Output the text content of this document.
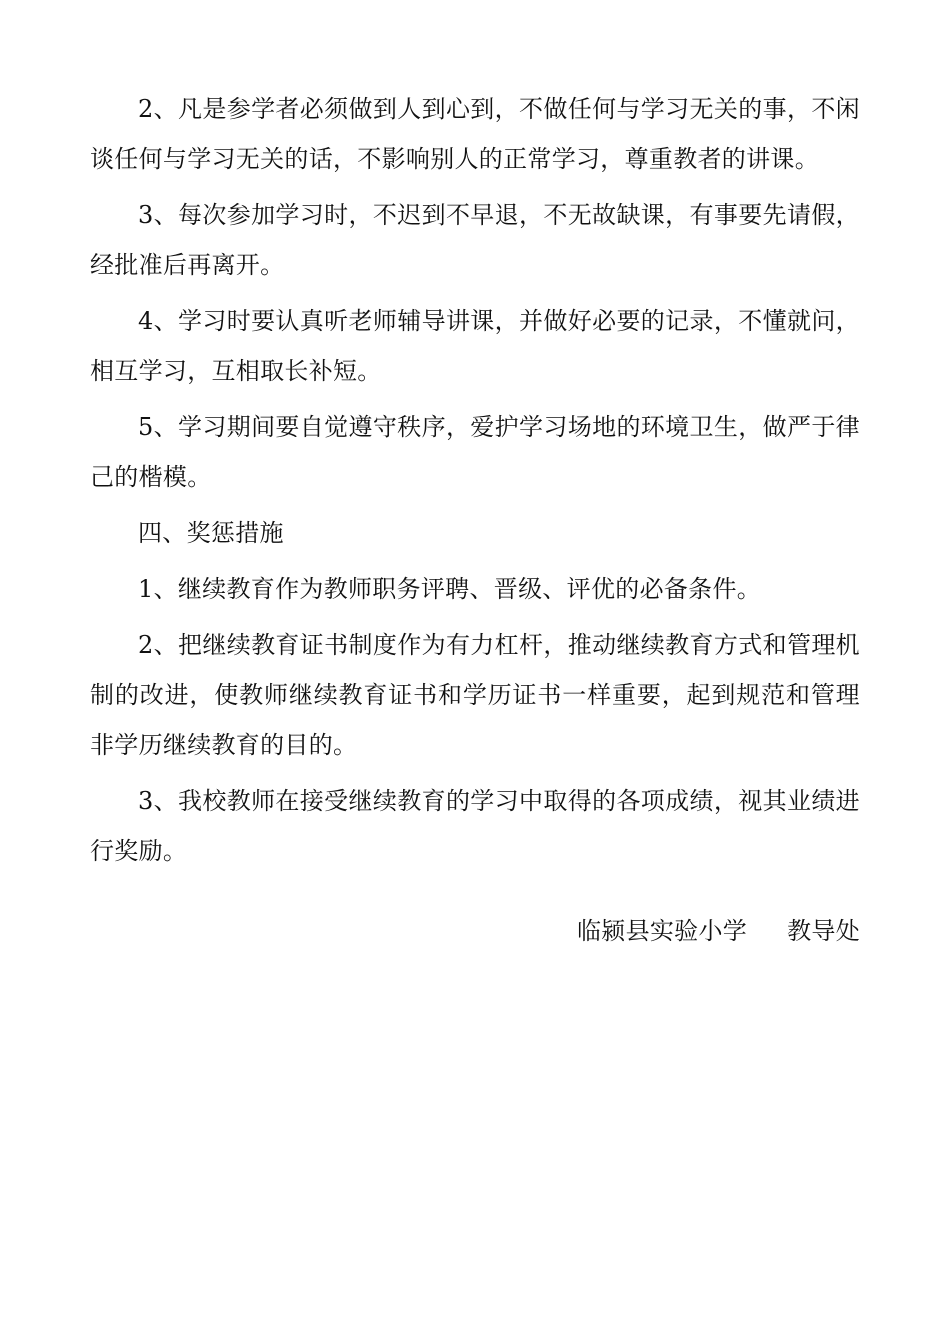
2、凡是参学者必须做到人到心到，不做任何与学习无关的事，不闲谈任何与学习无关的话，不影响别人的正常学习，尊重教者的讲课。

3、每次参加学习时，不迟到不早退，不无故缺课，有事要先请假，经批准后再离开。

4、学习时要认真听老师辅导讲课，并做好必要的记录，不懂就问，相互学习，互相取长补短。

5、学习期间要自觉遵守秩序，爱护学习场地的环境卫生，做严于律己的楷模。

四、奖惩措施

1、继续教育作为教师职务评聘、晋级、评优的必备条件。

2、把继续教育证书制度作为有力杠杆，推动继续教育方式和管理机制的改进，使教师继续教育证书和学历证书一样重要，起到规范和管理非学历继续教育的目的。

3、我校教师在接受继续教育的学习中取得的各项成绩，视其业绩进行奖励。

临颍县实验小学 教导处
